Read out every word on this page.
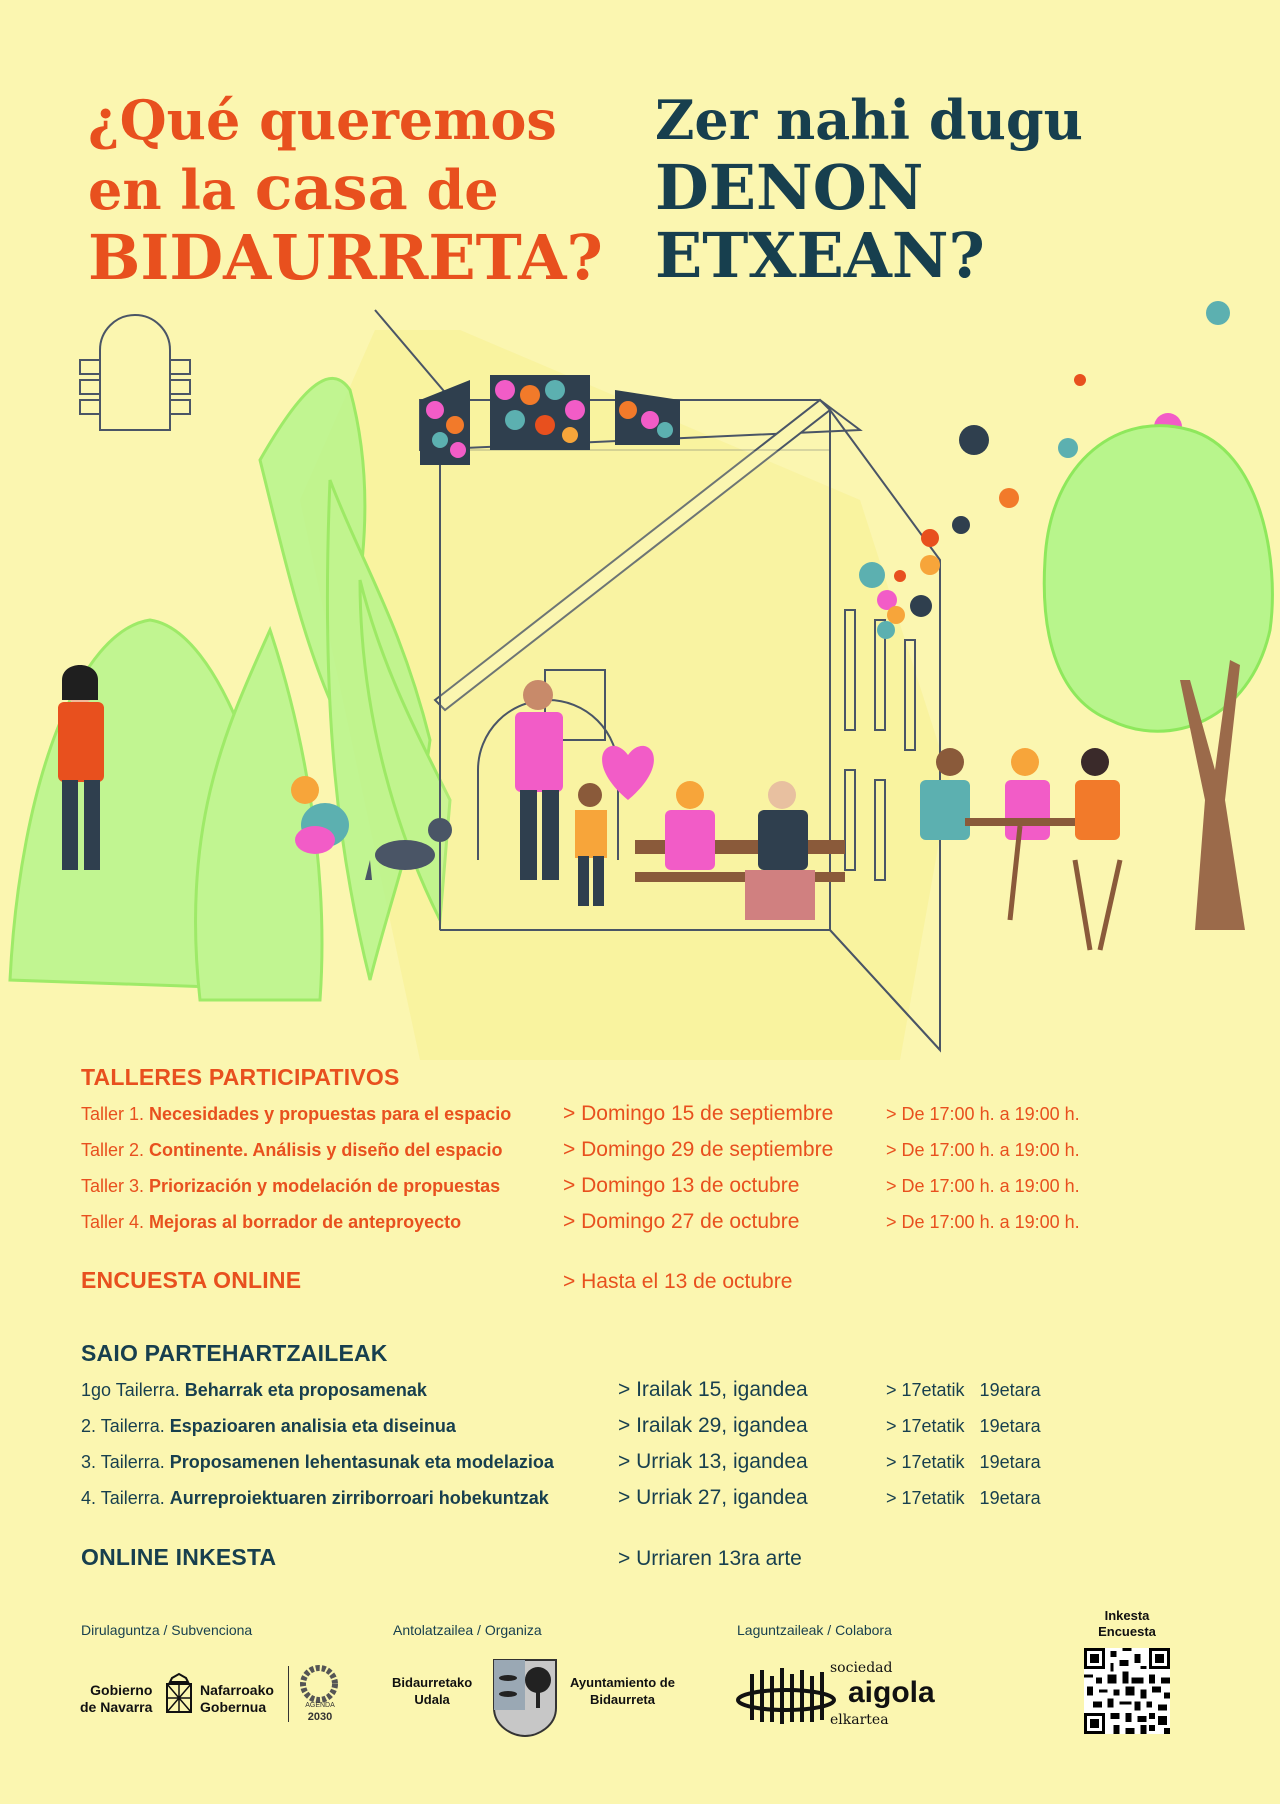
¿Qué queremos
en la casa de
BIDAURRETA?
Zer nahi dugu
DENON
ETXEAN?
TALLERES PARTICIPATIVOS
Taller 1. Necesidades y propuestas para el espacio > Domingo 15 de septiembre	> De 17:00 h. a 19:00 h.
Taller 2. Continente. Análisis y diseño del espacio	> Domingo 29 de septiembre	> De 17:00 h. a 19:00 h.
Taller 3. Priorización y modelación de propuestas	> Domingo 13 de octubre	> De 17:00 h. a 19:00 h.
Taller 4. Mejoras al borrador de anteproyecto	> Domingo 27 de octubre	> De 17:00 h. a 19:00 h.
ENCUESTA ONLINE	> Hasta el 13 de octubre
SAIO PARTEHARTZAILEAK
1go Tailerra. Beharrak eta proposamenak	> Irailak 15, igandea	> 17etatik   19etara
2. Tailerra. Espazioaren analisia eta diseinua	> Irailak 29, igandea	> 17etatik   19etara
3. Tailerra. Proposamenen lehentasunak eta modelazioa	> Urriak 13, igandea	> 17etatik   19etara
4. Tailerra. Aurreproiektuaren zirriborroari hobekuntzak	> Urriak 27, igandea	> 17etatik   19etara
ONLINE INKESTA	> Urriaren 13ra arte
Dirulaguntza / Subvenciona	Antolatzailea / Organiza	Laguntzaileak / Colabora
Gobierno
de Navarra
Nafarroako
Gobernua	AGENDA
2030
Bidaurretako
Udala
Ayuntamiento de
Bidaurreta
sociedad
aigola
elkartea
Inkesta
Encuesta
